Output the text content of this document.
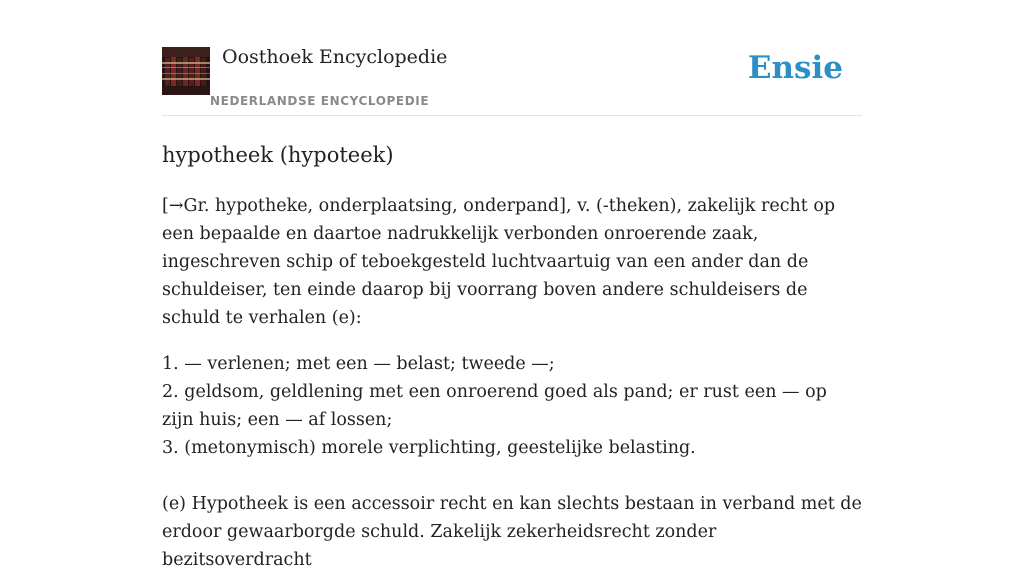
Oosthoek Encyclopedie
NEDERLANDSE ENCYCLOPEDIE
Ensie
hypotheek (hypoteek)

[→Gr. hypotheke, onderplaatsing, onderpand], v. (-theken), zakelijk recht op een bepaalde en daartoe nadrukkelijk verbonden onroerende zaak, ingeschreven schip of teboekgesteld luchtvaartuig van een ander dan de schuldeiser, ten einde daarop bij voorrang boven andere schuldeisers de schuld te verhalen (e):

1. — verlenen; met een — belast; tweede —;
2. geldsom, geldlening met een onroerend goed als pand; er rust een — op zijn huis; een — af lossen;
3. (metonymisch) morele verplichting, geestelijke belasting.

(e) Hypotheek is een accessoir recht en kan slechts bestaan in verband met de erdoor gewaarborgde schuld. Zakelijk zekerheidsrecht zonder bezitsoverdracht
